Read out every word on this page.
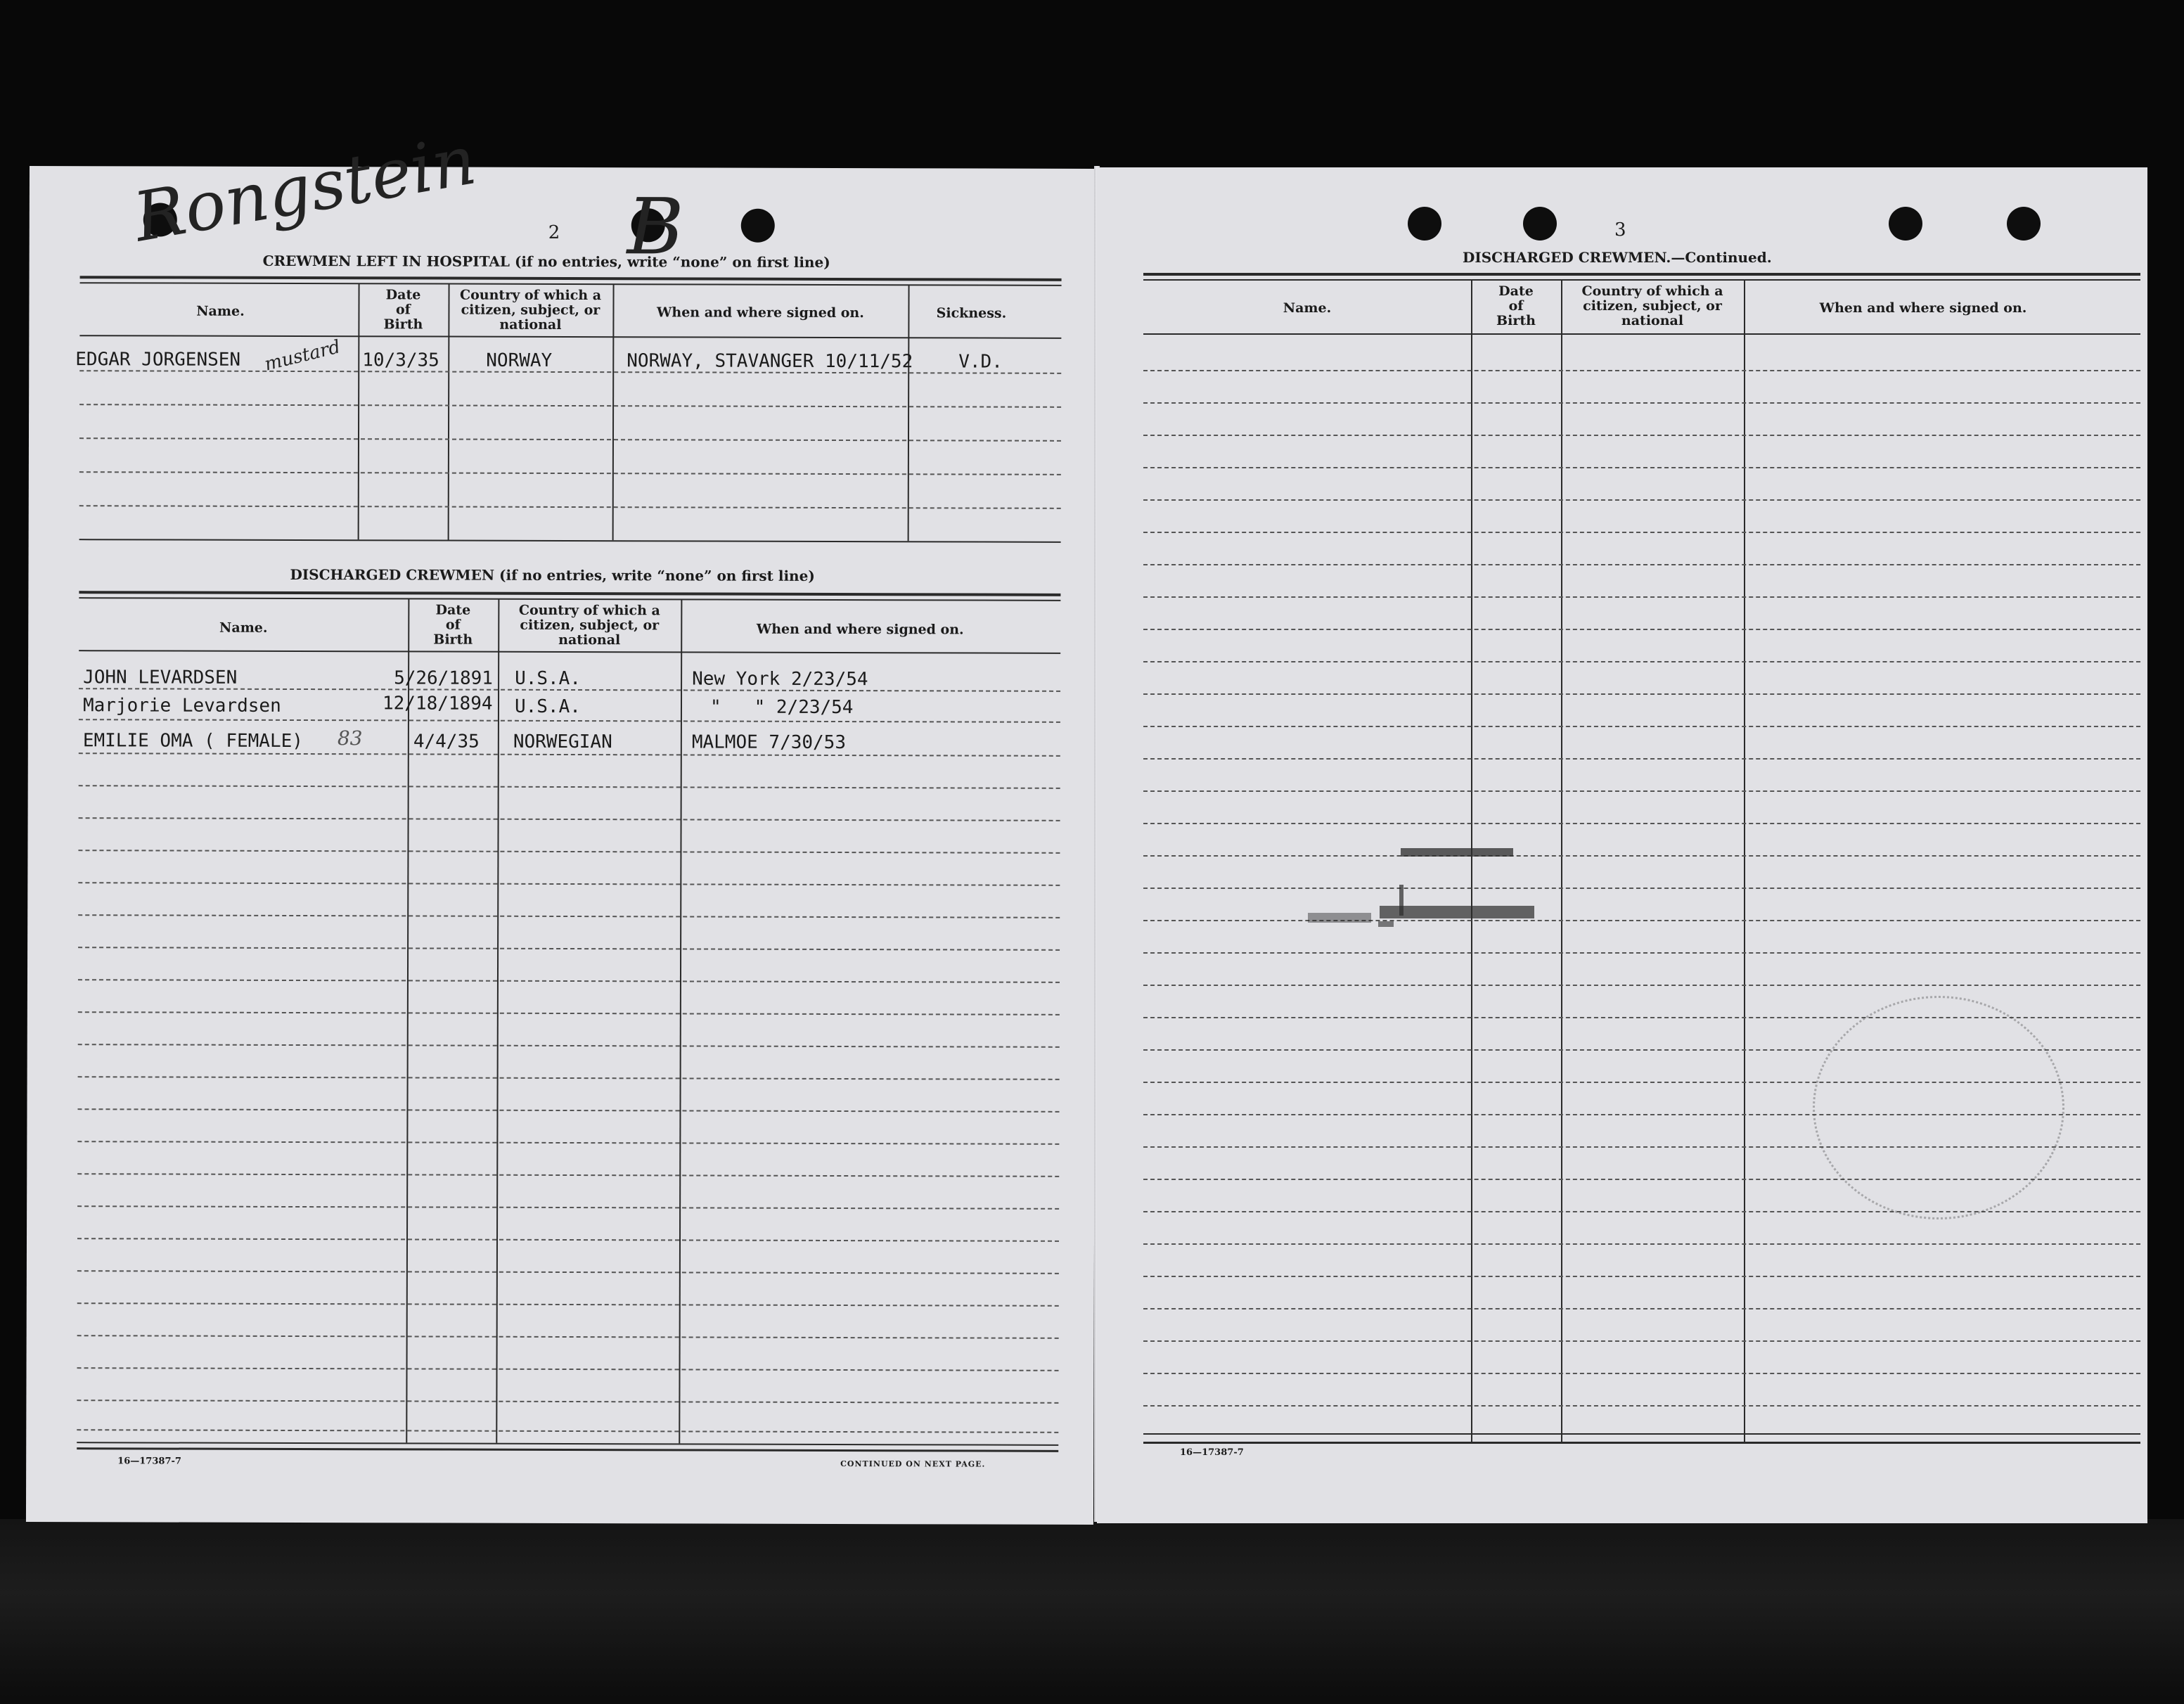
Rongstein B
2
CREWMEN LEFT IN HOSPITAL (if no entries, write “none” on first line)
Name.
Date
of
Birth
Country of which a
citizen, subject, or
national
When and where signed on.	Sickness.
EDGAR JORGENSEN mustard 10/3/35	NORWAY	NORWAY, STAVANGER 10/11/52 V.D.
DISCHARGED CREWMEN (if no entries, write “none” on first line)
Name.
Date
of
Birth
Country of which a
citizen, subject, or
national
When and where signed on.
JOHN LEVARDSEN	5/26/1891 U.S.A.	New York 2/23/54
Marjorie Levardsen	12/18/1894 U.S.A.	"   " 2/23/54
EMILIE OMA ( FEMALE) 83	4/4/35 NORWEGIAN	MALMOE 7/30/53
16—17387-7	CONTINUED ON NEXT PAGE.
3
DISCHARGED CREWMEN.—Continued.
Name.
Date
of
Birth
Country of which a
citizen, subject, or
national
When and where signed on.
16—17387-7
